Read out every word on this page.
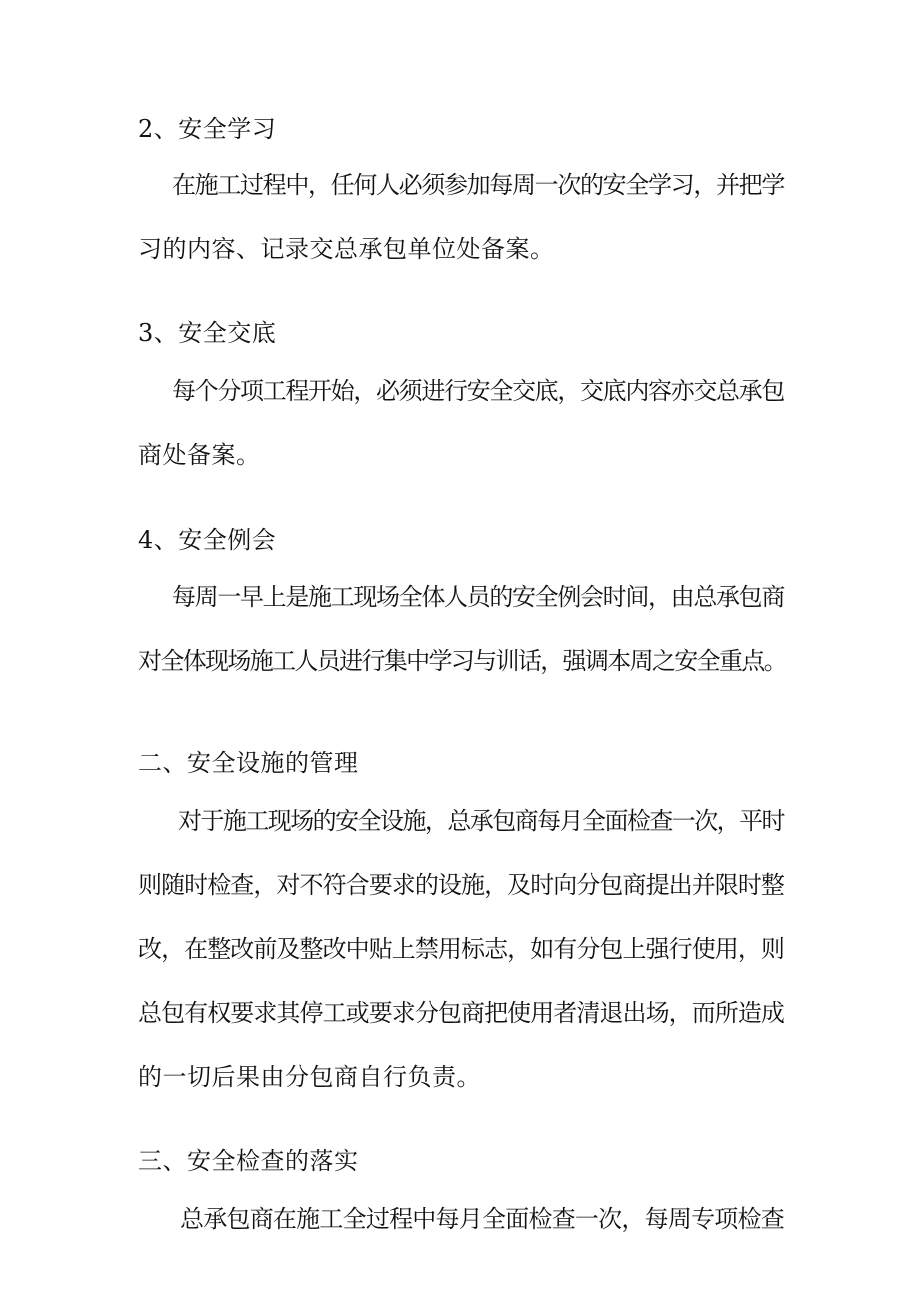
2、安全学习
在施工过程中，任何人必须参加每周一次的安全学习，并把学
习的内容、记录交总承包单位处备案。
3、安全交底
每个分项工程开始，必须进行安全交底，交底内容亦交总承包
商处备案。
4、安全例会
每周一早上是施工现场全体人员的安全例会时间，由总承包商
对全体现场施工人员进行集中学习与训话，强调本周之安全重点。
二、安全设施的管理
对于施工现场的安全设施，总承包商每月全面检查一次，平时
则随时检查，对不符合要求的设施，及时向分包商提出并限时整
改，在整改前及整改中贴上禁用标志，如有分包上强行使用，则
总包有权要求其停工或要求分包商把使用者清退出场，而所造成
的一切后果由分包商自行负责。
三、安全检查的落实
总承包商在施工全过程中每月全面检查一次，每周专项检查
